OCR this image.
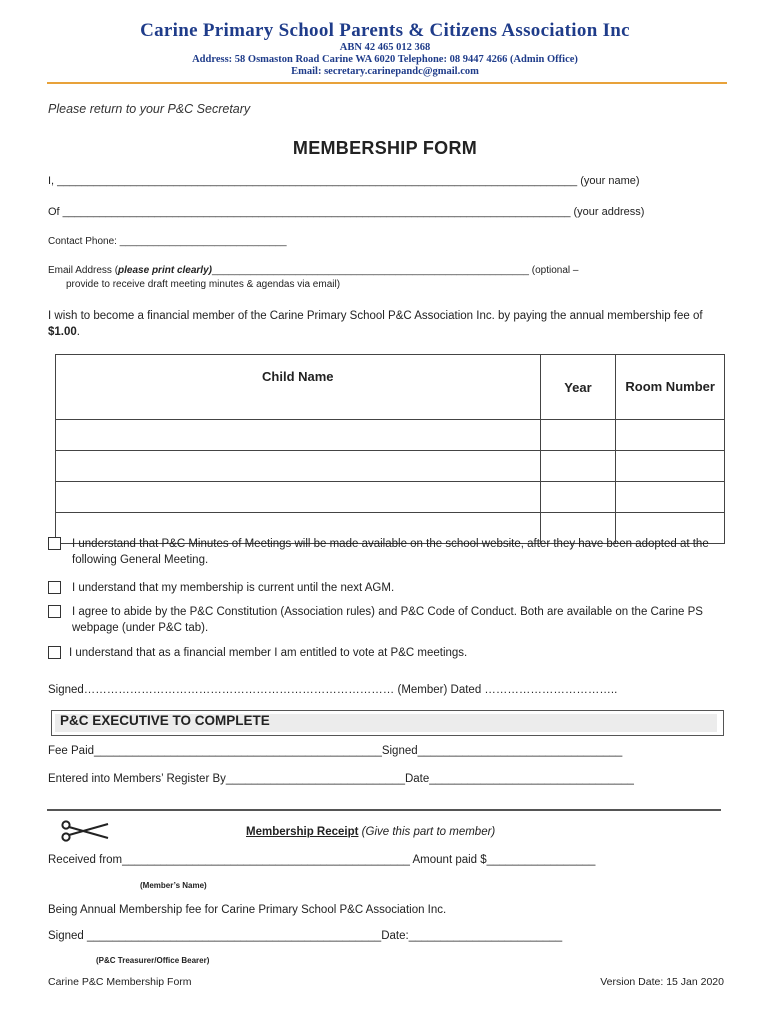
Carine Primary School Parents & Citizens Association Inc
ABN 42 465 012 368
Address: 58 Osmaston Road Carine WA 6020 Telephone: 08 9447 4266 (Admin Office)
Email: secretary.carinepandc@gmail.com
Please return to your P&C Secretary
MEMBERSHIP FORM
I, _____________________________________________________________________________________ (your name)
Of ___________________________________________________________________________________ (your address)
Contact Phone: ______________________________
Email Address (please print clearly)_________________________________________________________ (optional –
provide to receive draft meeting minutes & agendas via email)
I wish to become a financial member of the Carine Primary School P&C Association Inc. by paying the annual membership fee of $1.00.
Child Name	Year	Room Number

I understand that P&C Minutes of Meetings will be made available on the school website, after they have been adopted at the following General Meeting.
I understand that my membership is current until the next AGM.
I agree to abide by the P&C Constitution (Association rules) and P&C Code of Conduct. Both are available on the Carine PS webpage (under P&C tab).
I understand that as a financial member I am entitled to vote at P&C meetings.
Signed……………………………………………………………………… (Member) Dated ……………………………..
P&C EXECUTIVE TO COMPLETE
Fee Paid_____________________________________________Signed________________________________
Entered into Members’ Register By____________________________Date________________________________
Membership Receipt (Give this part to member)
Received from_____________________________________________ Amount paid $_________________
(Member’s Name)
Being Annual Membership fee for Carine Primary School P&C Association Inc.
Signed ______________________________________________Date:________________________
(P&C Treasurer/Office Bearer)
Carine P&C Membership Form	Version Date: 15 Jan 2020
